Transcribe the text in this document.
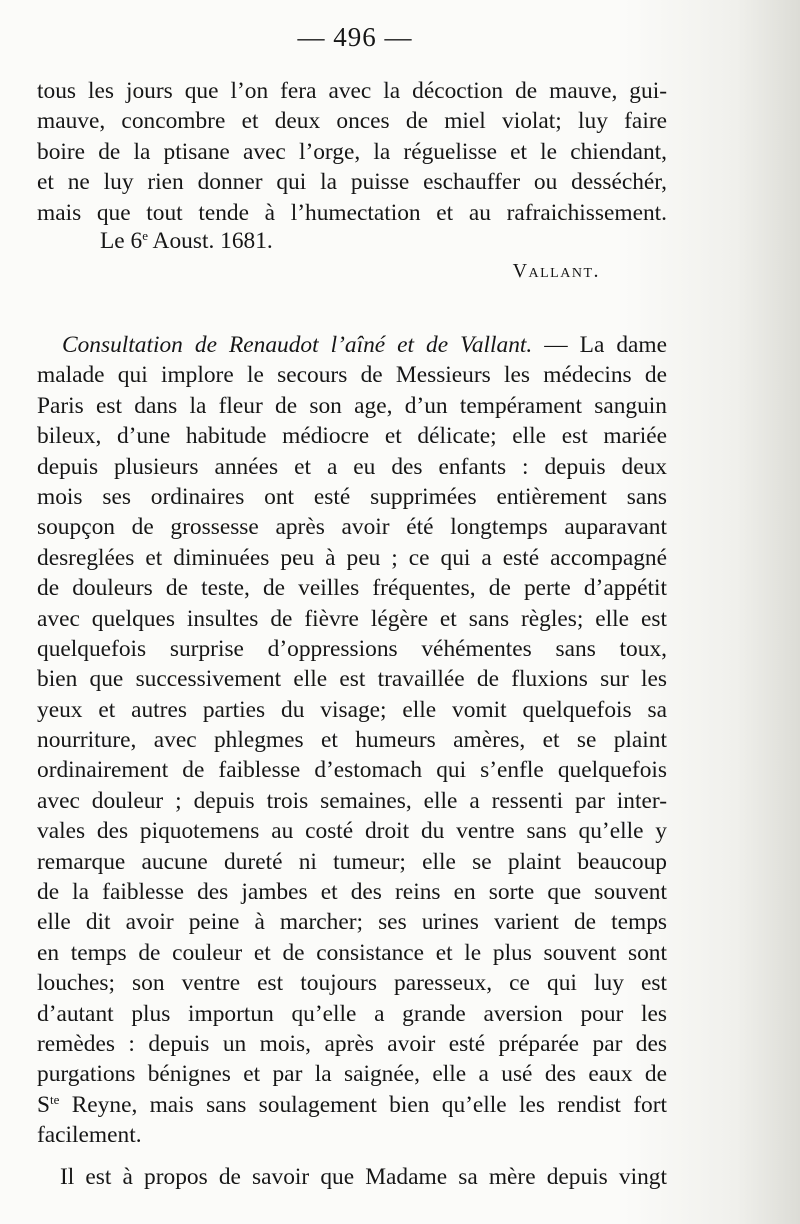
— 496 —
tous les jours que l’on fera avec la décoction de mauve, gui-
mauve, concombre et deux onces de miel violat; luy faire
boire de la ptisane avec l’orge, la réguelisse et le chiendant,
et ne luy rien donner qui la puisse eschauffer ou desséchér,
mais que tout tende à l’humectation et au rafraichissement.
Le 6e Aoust. 1681.
Vallant.
Consultation de Renaudot l’aîné et de Vallant. — La dame
malade qui implore le secours de Messieurs les médecins de
Paris est dans la fleur de son age, d’un tempérament sanguin
bileux, d’une habitude médiocre et délicate; elle est mariée
depuis plusieurs années et a eu des enfants : depuis deux
mois ses ordinaires ont esté supprimées entièrement sans
soupçon de grossesse après avoir été longtemps auparavant
desreglées et diminuées peu à peu ; ce qui a esté accompagné
de douleurs de teste, de veilles fréquentes, de perte d’appétit
avec quelques insultes de fièvre légère et sans règles; elle est
quelquefois surprise d’oppressions véhémentes sans toux,
bien que successivement elle est travaillée de fluxions sur les
yeux et autres parties du visage; elle vomit quelquefois sa
nourriture, avec phlegmes et humeurs amères, et se plaint
ordinairement de faiblesse d’estomach qui s’enfle quelquefois
avec douleur ; depuis trois semaines, elle a ressenti par inter-
vales des piquotemens au costé droit du ventre sans qu’elle y
remarque aucune dureté ni tumeur; elle se plaint beaucoup
de la faiblesse des jambes et des reins en sorte que souvent
elle dit avoir peine à marcher; ses urines varient de temps
en temps de couleur et de consistance et le plus souvent sont
louches; son ventre est toujours paresseux, ce qui luy est
d’autant plus importun qu’elle a grande aversion pour les
remèdes : depuis un mois, après avoir esté préparée par des
purgations bénignes et par la saignée, elle a usé des eaux de
$S^{te}$ Reyne, mais sans soulagement bien qu’elle les rendist fort
facilement.
Il est à propos de savoir que Madame sa mère depuis vingt
